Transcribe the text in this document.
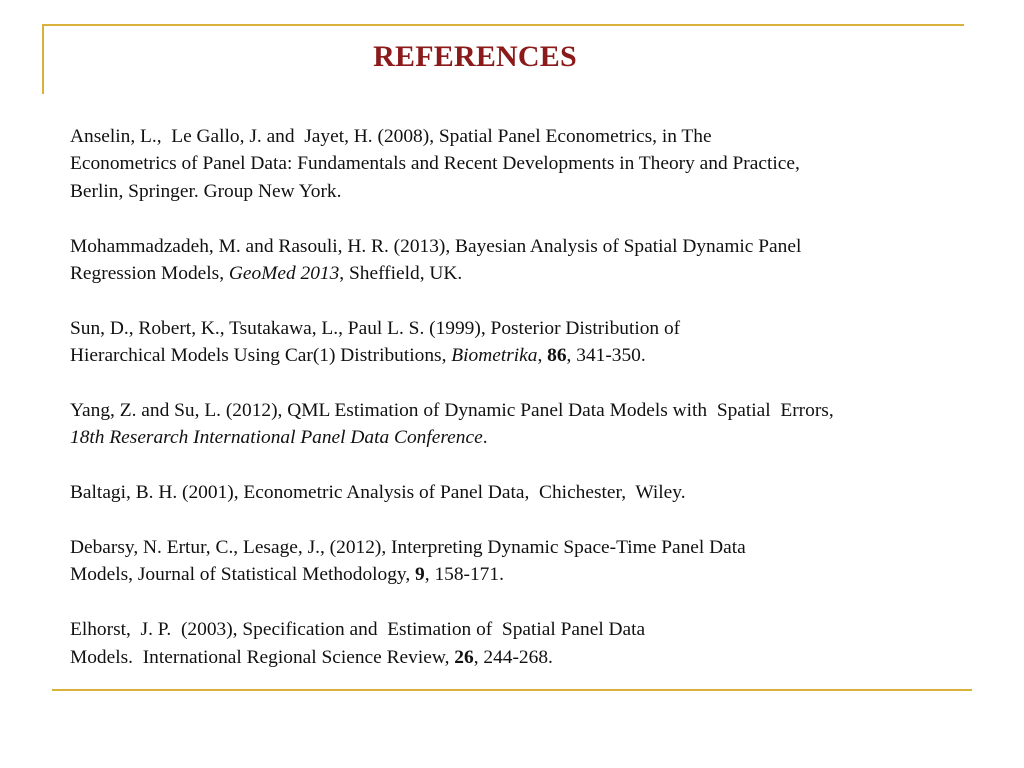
REFERENCES
Anselin, L.,  Le Gallo, J. and  Jayet, H. (2008), Spatial Panel Econometrics, in The
Econometrics of Panel Data: Fundamentals and Recent Developments in Theory and Practice,
Berlin, Springer. Group New York.
Mohammadzadeh, M. and Rasouli, H. R. (2013), Bayesian Analysis of Spatial Dynamic Panel
Regression Models, GeoMed 2013, Sheffield, UK.
Sun, D., Robert, K., Tsutakawa, L., Paul L. S. (1999), Posterior Distribution of
Hierarchical Models Using Car(1) Distributions, Biometrika, 86, 341-350.
Yang, Z. and Su, L. (2012), QML Estimation of Dynamic Panel Data Models with  Spatial  Errors,
18th Reserarch International Panel Data Conference.
Baltagi, B. H. (2001), Econometric Analysis of Panel Data,  Chichester,  Wiley.
Debarsy, N. Ertur, C., Lesage, J., (2012), Interpreting Dynamic Space-Time Panel Data
Models, Journal of Statistical Methodology, 9, 158-171.
Elhorst,  J. P.  (2003), Specification and  Estimation of  Spatial Panel Data
Models.  International Regional Science Review, 26, 244-268.
